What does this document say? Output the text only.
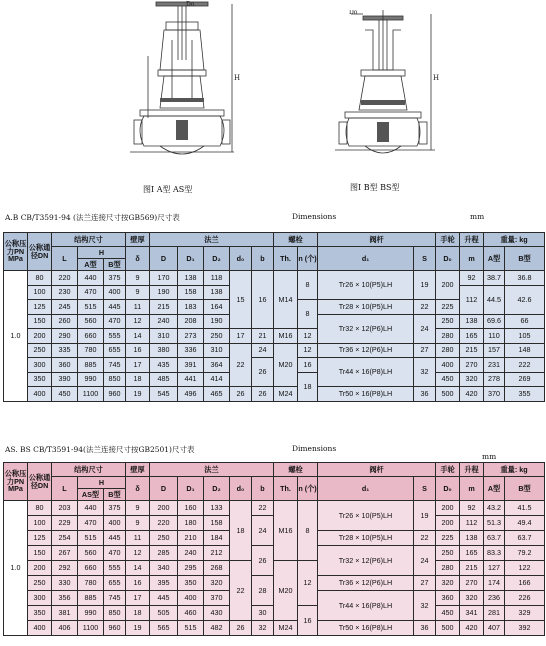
H
Do
图I A型 AS型
H
Do
图I B型 BS型
A.B CB/T3591-94 (法兰连接尺寸按GB569)尺寸表	Dimensions	mm
公称压力PN MPa	公称通径DN	结构尺寸			壁厚	法兰					螺栓		阀杆		手轮	升程	重量: kg	
		L	H		δ	D	D₁	D₂	d₀	b	Th.	n (个)	d₁	S	D₀	m	A型	B型
			A型	B型														
1.0	80	220	440	375	9	170	138	118	15	16	M14	8	Tr26 × 10(P5)LH	19	200	92	38.7	36.8
	100	230	470	400	9	190	158	138								112	44.5	42.6
	125	245	515	445	11	215	183	164				8	Tr28 × 10(P5)LH	22	225			
	150	260	560	470	12	240	208	190					Tr32 × 12(P6)LH	24	250	138	69.6	66
	200	290	660	555	14	310	273	250	17	21	M16	12			280	165	110	105
	250	335	780	655	16	380	336	310	22	24	M20	12	Tr36 × 12(P6)LH	27	280	215	157	148
	300	360	885	745	17	435	391	364		26		16	Tr44 × 16(P8)LH	32	400	270	231	222
	350	390	990	850	18	485	441	414				18			450	320	278	269
	400	450	1100	960	19	545	496	465	26	26	M24		Tr50 × 16(P8)LH	36	500	420	370	355
AS. BS CB/T3591-94(法兰连接尺寸按GB2501)尺寸表	Dimensions
mm
公称压力PN MPa	公称通径DN	结构尺寸			壁厚	法兰					螺栓		阀杆		手轮	升程	重量: kg	
		L	H		δ	D	D₁	D₂	d₀	b	Th.	n (个)	d₁	S	D₀	m	A型	B型
			AS型	B型														
1.0	80	203	440	375	9	200	160	133	18	22	M16	8	Tr26 × 10(P5)LH	19	200	92	43.2	41.5
	100	229	470	400	9	220	180	158		24					200	112	51.3	49.4
	125	254	515	445	11	250	210	184					Tr28 × 10(P5)LH	22	225	138	63.7	63.7
	150	267	560	470	12	285	240	212		26			Tr32 × 12(P6)LH	24	250	165	83.3	79.2
	200	292	660	555	14	340	295	268	22		M20	12			280	215	127	122
	250	330	780	655	16	395	350	320		28			Tr36 × 12(P6)LH	27	320	270	174	166
	300	356	885	745	17	445	400	370					Tr44 × 16(P8)LH	32	360	320	236	226
	350	381	990	850	18	505	460	430		30		16			450	341	281	329
	400	406	1100	960	19	565	515	482	26	32	M24		Tr50 × 16(P8)LH	36	500	420	407	392
